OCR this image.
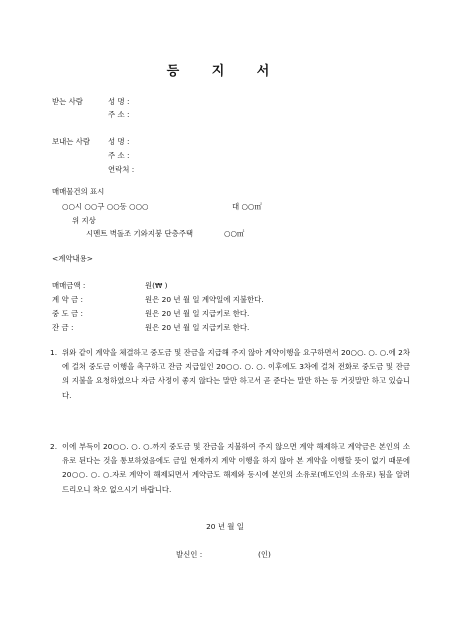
등 지 서
받는 사람	성 명 :
주 소 :
보내는 사람 성 명 :
주 소 :
연락처 :
매매물건의 표시
○○시 ○○구 ○○동 ○○○	대 ○○㎡
위 지상
시멘트 벽돌조 기와지붕 단층주택	○○㎡
<계약내용>
매매금액 :	원(₩ )
계 약 금 :	원은 20 년 월 일 계약일에 지불한다.
중 도 금 :	원은 20 년 월 일 지급키로 한다.
잔 금 :	원은 20 년 월 일 지급키로 한다.
1. 위와 같이 계약을 체결하고 중도금 및 잔금을 지급해 주지 않아 계약이행을 요구하면서 20○○. ○. ○.에 2차에 걸쳐 중도금 이행을 촉구하고 잔금 지급일인 20○○. ○. ○. 이후에도 3차에 걸쳐 전화로 중도금 및 잔금의 지불을 요청하였으나 자금 사정이 좋지 않다는 말만 하고서 곧 준다는 말만 하는 등 거짓말만 하고 있습니다.
2. 이에 부득이 20○○. ○. ○.까지 중도금 및 잔금을 지불하여 주지 않으면 계약 해제하고 계약금은 본인의 소유로 된다는 것을 통보하였음에도 금일 현재까지 계약 이행을 하지 않아 본 계약을 이행할 뜻이 없기 때문에 20○○. ○. ○.자로 계약이 해제되면서 계약금도 해제와 동시에 본인의 소유로(매도인의 소유로) 됨을 알려 드리오니 착오 없으시기 바랍니다.
20 년 월 일
발신인 :	(인)
